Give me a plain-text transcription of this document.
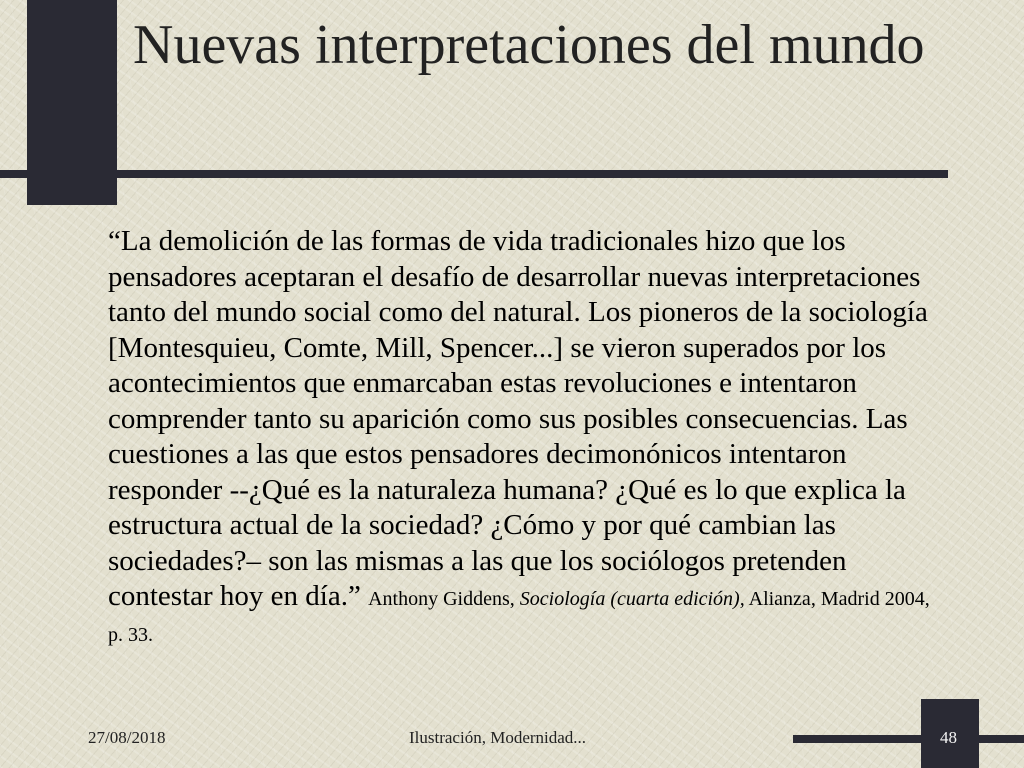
Nuevas interpretaciones del mundo

“La demolición de las formas de vida tradicionales hizo que los pensadores aceptaran el desafío de desarrollar nuevas interpretaciones tanto del mundo social como del natural. Los pioneros de la sociología [Montesquieu, Comte, Mill, Spencer...] se vieron superados por los acontecimientos que enmarcaban estas revoluciones e intentaron comprender tanto su aparición como sus posibles consecuencias. Las cuestiones a las que estos pensadores decimonónicos intentaron responder --¿Qué es la naturaleza humana? ¿Qué es lo que explica la estructura actual de la sociedad? ¿Cómo y por qué cambian las sociedades?– son las mismas a las que los sociólogos pretenden contestar hoy en día.” Anthony Giddens, Sociología (cuarta edición), Alianza, Madrid 2004, p. 33.

27/08/2018	Ilustración, Modernidad...	48
